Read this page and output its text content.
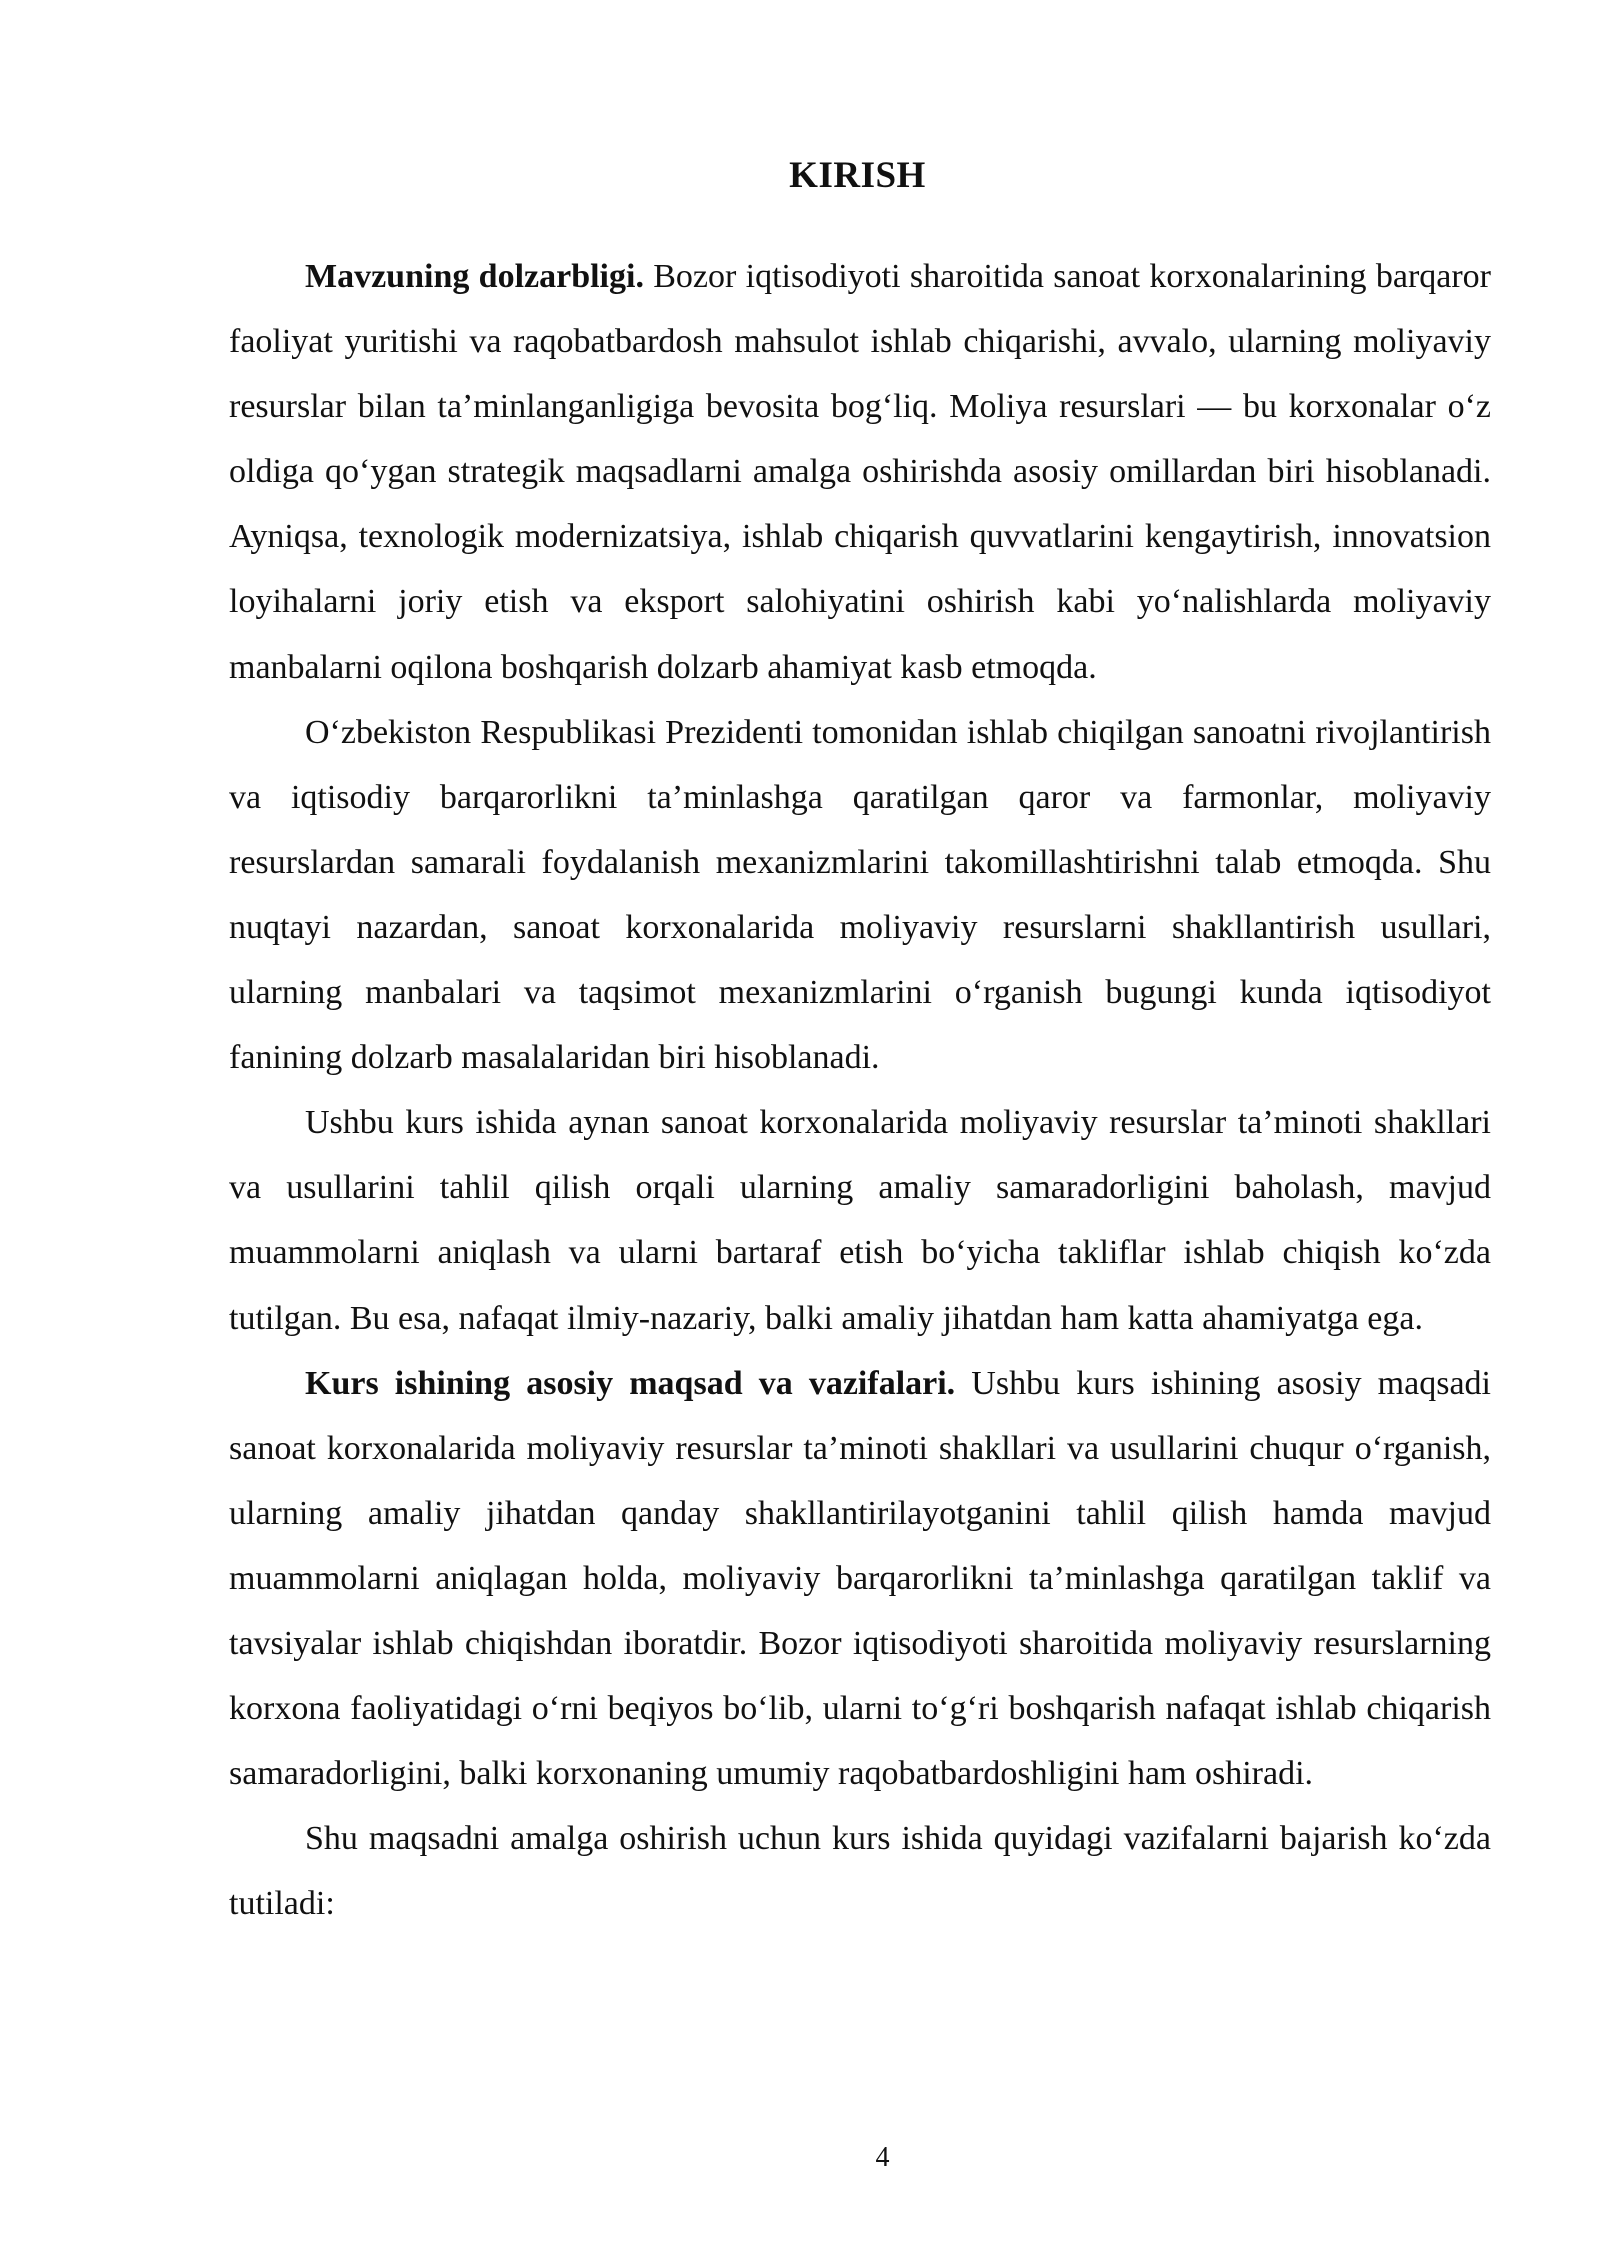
KIRISH

Mavzuning dolzarbligi. Bozor iqtisodiyoti sharoitida sanoat korxonalarining barqaror faoliyat yuritishi va raqobatbardosh mahsulot ishlab chiqarishi, avvalo, ularning moliyaviy resurslar bilan ta’minlanganligiga bevosita bog‘liq. Moliya resurslari — bu korxonalar o‘z oldiga qo‘ygan strategik maqsadlarni amalga oshirishda asosiy omillardan biri hisoblanadi. Ayniqsa, texnologik modernizatsiya, ishlab chiqarish quvvatlarini kengaytirish, innovatsion loyihalarni joriy etish va eksport salohiyatini oshirish kabi yo‘nalishlarda moliyaviy manbalarni oqilona boshqarish dolzarb ahamiyat kasb etmoqda.

O‘zbekiston Respublikasi Prezidenti tomonidan ishlab chiqilgan sanoatni rivojlantirish va iqtisodiy barqarorlikni ta’minlashga qaratilgan qaror va farmonlar, moliyaviy resurslardan samarali foydalanish mexanizmlarini takomillashtirishni talab etmoqda. Shu nuqtayi nazardan, sanoat korxonalarida moliyaviy resurslarni shakllantirish usullari, ularning manbalari va taqsimot mexanizmlarini o‘rganish bugungi kunda iqtisodiyot fanining dolzarb masalalaridan biri hisoblanadi.

Ushbu kurs ishida aynan sanoat korxonalarida moliyaviy resurslar ta’minoti shakllari va usullarini tahlil qilish orqali ularning amaliy samaradorligini baholash, mavjud muammolarni aniqlash va ularni bartaraf etish bo‘yicha takliflar ishlab chiqish ko‘zda tutilgan. Bu esa, nafaqat ilmiy-nazariy, balki amaliy jihatdan ham katta ahamiyatga ega.

Kurs ishining asosiy maqsad va vazifalari. Ushbu kurs ishining asosiy maqsadi sanoat korxonalarida moliyaviy resurslar ta’minoti shakllari va usullarini chuqur o‘rganish, ularning amaliy jihatdan qanday shakllantirilayotganini tahlil qilish hamda mavjud muammolarni aniqlagan holda, moliyaviy barqarorlikni ta’minlashga qaratilgan taklif va tavsiyalar ishlab chiqishdan iboratdir. Bozor iqtisodiyoti sharoitida moliyaviy resurslarning korxona faoliyatidagi o‘rni beqiyos bo‘lib, ularni to‘g‘ri boshqarish nafaqat ishlab chiqarish samaradorligini, balki korxonaning umumiy raqobatbardoshligini ham oshiradi.

Shu maqsadni amalga oshirish uchun kurs ishida quyidagi vazifalarni bajarish ko‘zda tutiladi:

4
